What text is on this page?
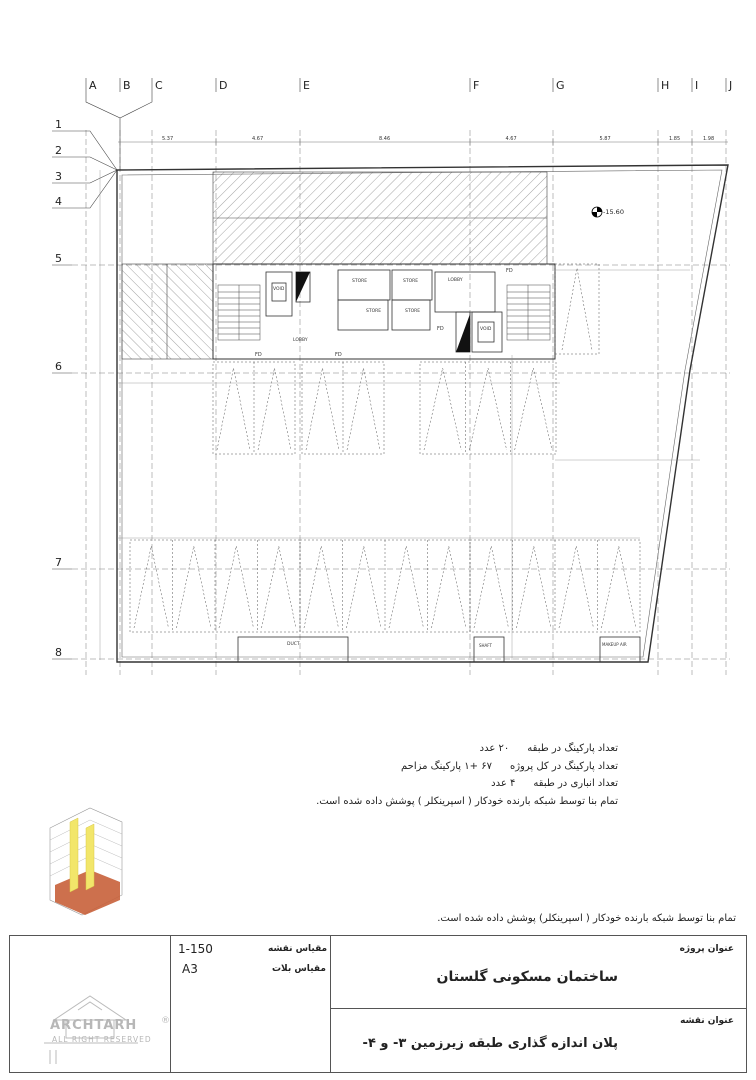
A B C	D	E	F	G	H I	J
1
2
3
4
5
6
7
8
5.37	4.67	8.46	4.67	5.87	1.85	1.98
-15.60
STORE	STORE
STORE	STORE
LOBBY
LOBBY
FD	FD
FD
FD
DUCT	SHAFT	MAKEUP AIR
VOID
VOID
تعداد پارکینگ در طبقه
۲۰ عدد
تعداد پارکینگ در کل پروژه
۶۷ +۱ پارکینگ مزاحم
تعداد انباری در طبقه
۴ عدد
تمام بنا توسط شبکه بارنده خودکار ( اسپرینکلر ) پوشش داده شده است.
تمام بنا توسط شبکه بارنده خودکار ( اسپرینکلر) پوشش داده شده است.
مقیاس نقشه
1-150
مقیاس بلات
A3
عنوان پروژه
ساختمان مسکونی گلستان
عنوان نقشه
پلان اندازه گذاری طبقه زیرزمین ۳- و ۴-
ARCHTARH	®
ALL RIGHT RESERVED
